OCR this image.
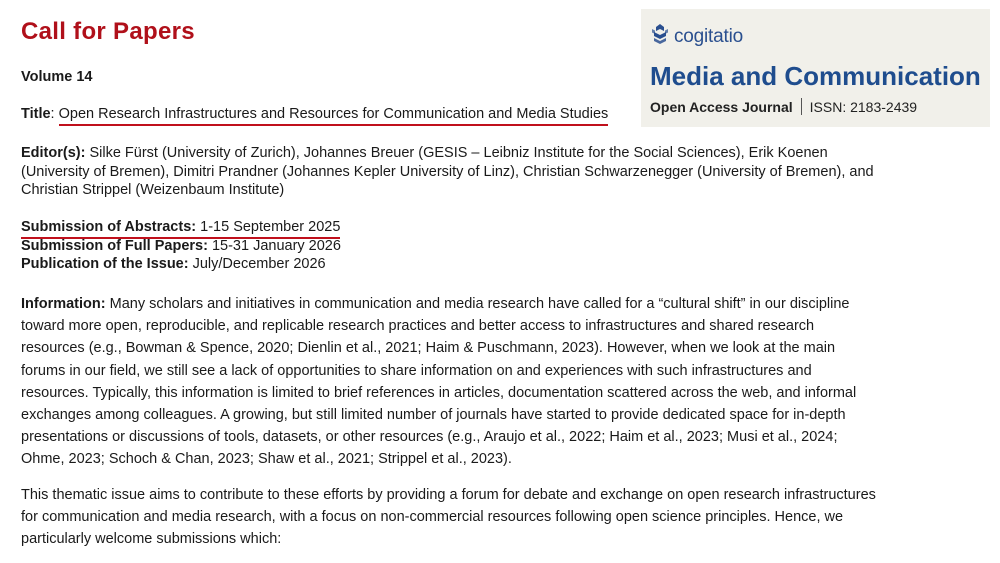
Call for Papers
Volume 14
Title: Open Research Infrastructures and Resources for Communication and Media Studies
Editor(s): Silke Fürst (University of Zurich), Johannes Breuer (GESIS – Leibniz Institute for the Social Sciences), Erik Koenen (University of Bremen), Dimitri Prandner (Johannes Kepler University of Linz), Christian Schwarzenegger (University of Bremen), and Christian Strippel (Weizenbaum Institute)
Submission of Abstracts: 1-15 September 2025
Submission of Full Papers: 15-31 January 2026
Publication of the Issue: July/December 2026
Information: Many scholars and initiatives in communication and media research have called for a “cultural shift” in our discipline toward more open, reproducible, and replicable research practices and better access to infrastructures and shared research resources (e.g., Bowman & Spence, 2020; Dienlin et al., 2021; Haim & Puschmann, 2023). However, when we look at the main forums in our field, we still see a lack of opportunities to share information on and experiences with such infrastructures and resources. Typically, this information is limited to brief references in articles, documentation scattered across the web, and informal exchanges among colleagues. A growing, but still limited number of journals have started to provide dedicated space for in-depth presentations or discussions of tools, datasets, or other resources (e.g., Araujo et al., 2022; Haim et al., 2023; Musi et al., 2024; Ohme, 2023; Schoch & Chan, 2023; Shaw et al., 2021; Strippel et al., 2023).
This thematic issue aims to contribute to these efforts by providing a forum for debate and exchange on open research infrastructures for communication and media research, with a focus on non-commercial resources following open science principles. Hence, we particularly welcome submissions which:
cogitatio
Media and Communication
Open Access Journal ISSN: 2183-2439
